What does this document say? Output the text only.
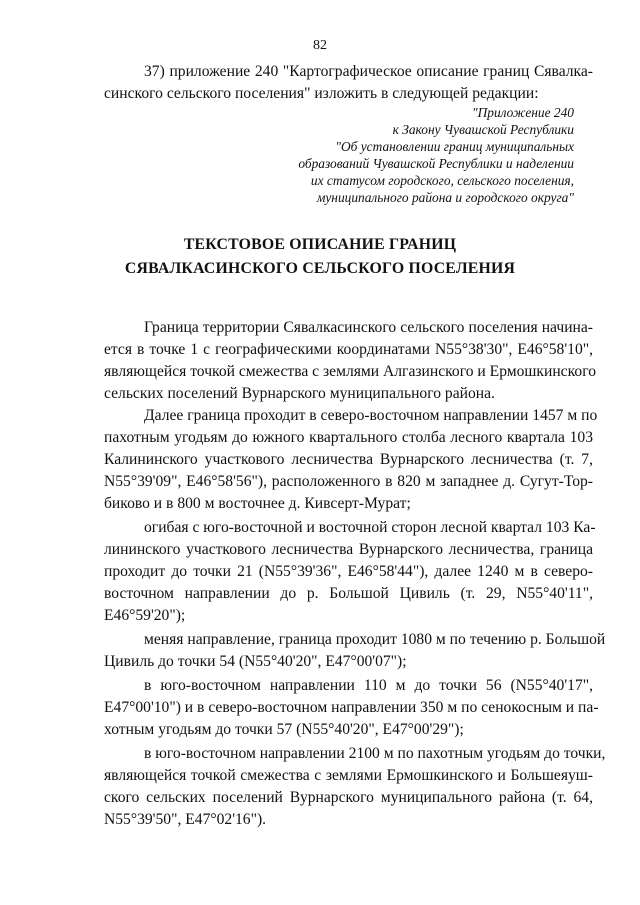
82
37) приложение 240 "Картографическое описание границ Сявалка-
синского сельского поселения" изложить в следующей редакции:
"Приложение 240
к Закону Чувашской Республики
"Об установлении границ муниципальных
образований Чувашской Республики и наделении
их статусом городского, сельского поселения,
муниципального района и городского округа"
ТЕКСТОВОЕ ОПИСАНИЕ ГРАНИЦ
СЯВАЛКАСИНСКОГО СЕЛЬСКОГО ПОСЕЛЕНИЯ
Граница территории Сявалкасинского сельского поселения начина-
ется в точке 1 с географическими координатами N55°38'30", E46°58'10",
являющейся точкой смежества с землями Алгазинского и Ермошкинского
сельских поселений Вурнарского муниципального района.
Далее граница проходит в северо-восточном направлении 1457 м по
пахотным угодьям до южного квартального столба лесного квартала 103
Калининского участкового лесничества Вурнарского лесничества (т. 7,
N55°39'09", E46°58'56"), расположенного в 820 м западнее д. Сугут-Тор-
биково и в 800 м восточнее д. Кивсерт-Мурат;
огибая с юго-восточной и восточной сторон лесной квартал 103 Ка-
лининского участкового лесничества Вурнарского лесничества, граница
проходит до точки 21 (N55°39'36", E46°58'44"), далее 1240 м в северо-
восточном направлении до р. Большой Цивиль (т. 29, N55°40'11",
E46°59'20");
меняя направление, граница проходит 1080 м по течению р. Большой
Цивиль до точки 54 (N55°40'20", E47°00'07");
в юго-восточном направлении 110 м до точки 56 (N55°40'17",
E47°00'10") и в северо-восточном направлении 350 м по сенокосным и па-
хотным угодьям до точки 57 (N55°40'20", E47°00'29");
в юго-восточном направлении 2100 м по пахотным угодьям до точки,
являющейся точкой смежества с землями Ермошкинского и Большеяуш-
ского сельских поселений Вурнарского муниципального района (т. 64,
N55°39'50", E47°02'16").
